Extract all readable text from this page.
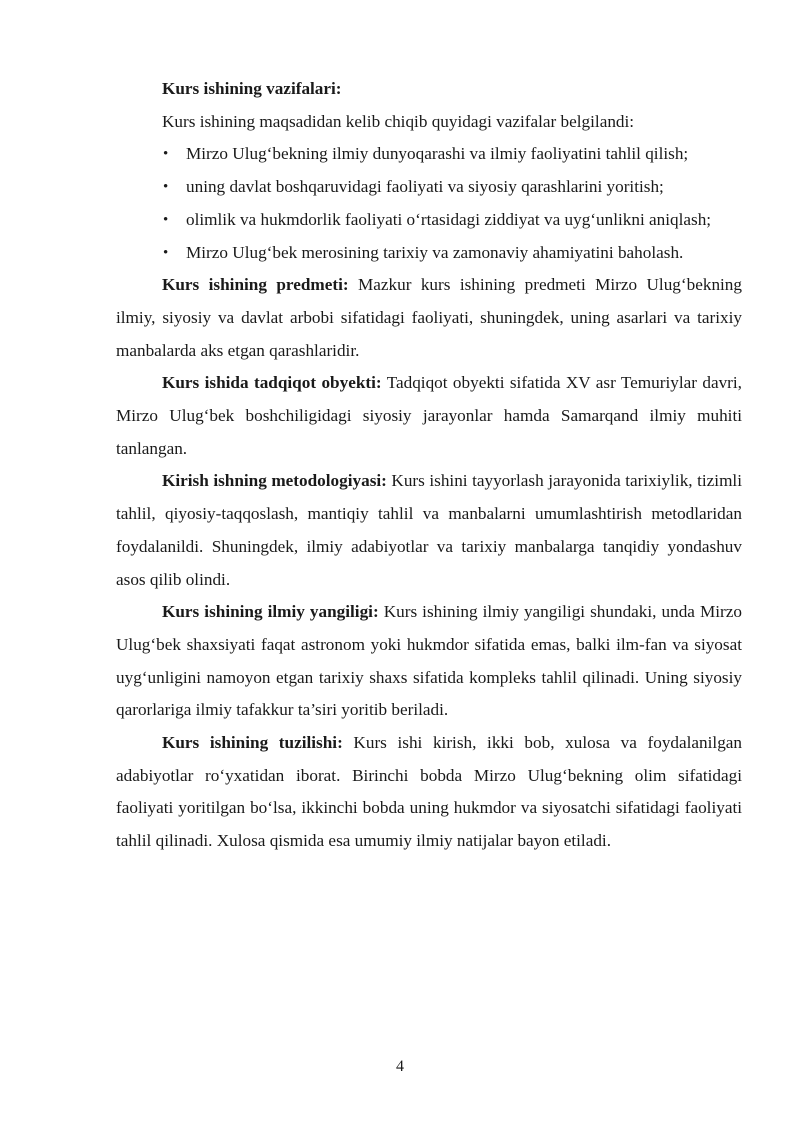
Kurs ishining vazifalari:

Kurs ishining maqsadidan kelib chiqib quyidagi vazifalar belgilandi:

• Mirzo Ulug‘bekning ilmiy dunyoqarashi va ilmiy faoliyatini tahlil qilish;
• uning davlat boshqaruvidagi faoliyati va siyosiy qarashlarini yoritish;
• olimlik va hukmdorlik faoliyati o‘rtasidagi ziddiyat va uyg‘unlikni aniqlash;
• Mirzo Ulug‘bek merosining tarixiy va zamonaviy ahamiyatini baholash.

Kurs ishining predmeti: Mazkur kurs ishining predmeti Mirzo Ulug‘bekning ilmiy, siyosiy va davlat arbobi sifatidagi faoliyati, shuningdek, uning asarlari va tarixiy manbalarda aks etgan qarashlaridir.

Kurs ishida tadqiqot obyekti: Tadqiqot obyekti sifatida XV asr Temuriylar davri, Mirzo Ulug‘bek boshchiligidagi siyosiy jarayonlar hamda Samarqand ilmiy muhiti tanlangan.

Kirish ishning metodologiyasi: Kurs ishini tayyorlash jarayonida tarixiylik, tizimli tahlil, qiyosiy-taqqoslash, mantiqiy tahlil va manbalarni umumlashtirish metodlaridan foydalanildi. Shuningdek, ilmiy adabiyotlar va tarixiy manbalarga tanqidiy yondashuv asos qilib olindi.

Kurs ishining ilmiy yangiligi: Kurs ishining ilmiy yangiligi shundaki, unda Mirzo Ulug‘bek shaxsiyati faqat astronom yoki hukmdor sifatida emas, balki ilm-fan va siyosat uyg‘unligini namoyon etgan tarixiy shaxs sifatida kompleks tahlil qilinadi. Uning siyosiy qarorlariga ilmiy tafakkur ta’siri yoritib beriladi.

Kurs ishining tuzilishi: Kurs ishi kirish, ikki bob, xulosa va foydalanilgan adabiyotlar ro‘yxatidan iborat. Birinchi bobda Mirzo Ulug‘bekning olim sifatidagi faoliyati yoritilgan bo‘lsa, ikkinchi bobda uning hukmdor va siyosatchi sifatidagi faoliyati tahlil qilinadi. Xulosa qismida esa umumiy ilmiy natijalar bayon etiladi.

4
